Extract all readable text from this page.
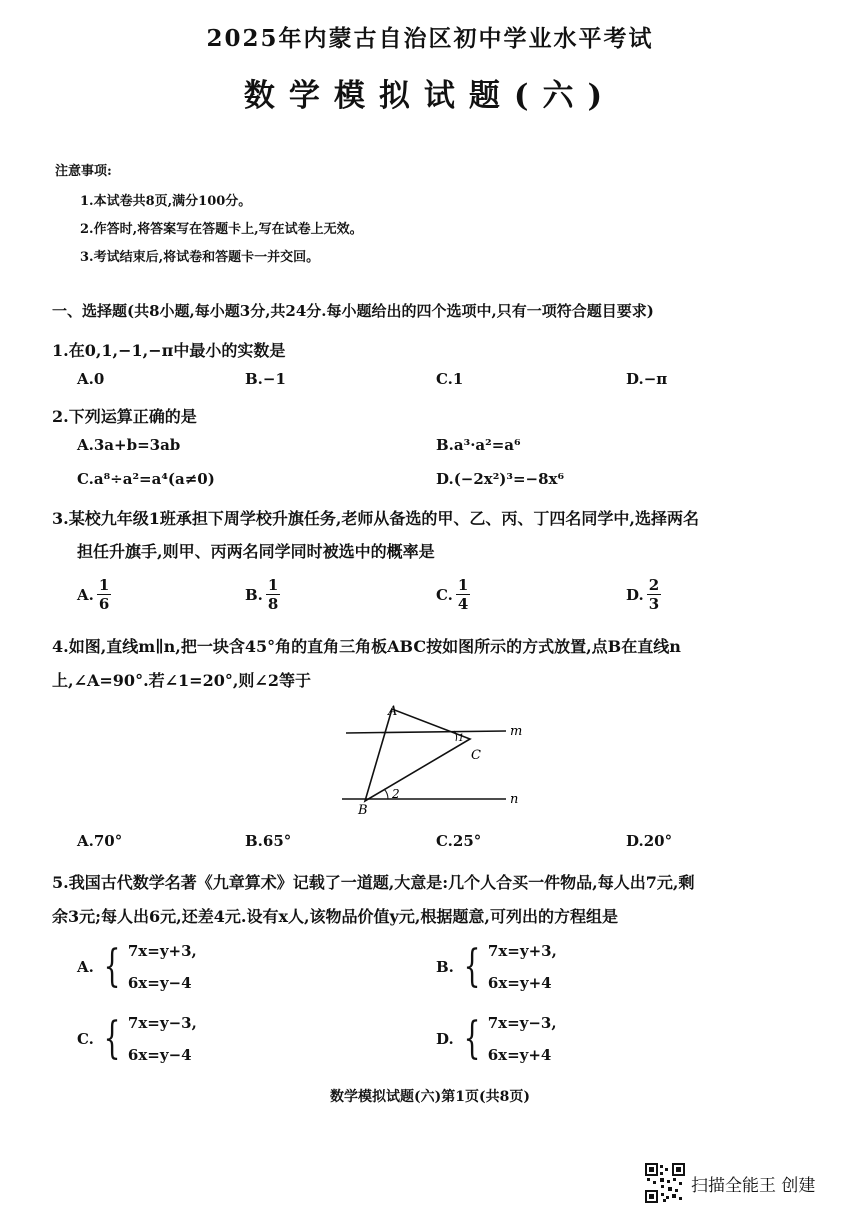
2025年内蒙古自治区初中学业水平考试
数学模拟试题(六)
注意事项:
1.本试卷共8页,满分100分。
2.作答时,将答案写在答题卡上,写在试卷上无效。
3.考试结束后,将试卷和答题卡一并交回。
一、选择题(共8小题,每小题3分,共24分.每小题给出的四个选项中,只有一项符合题目要求)
1.在0,1,−1,−π中最小的实数是
A.0	B.−1	C.1	D.−π
2.下列运算正确的是
A.3a+b=3ab	B.a³·a²=a⁶
C.a⁸÷a²=a⁴(a≠0)	D.(−2x²)³=−8x⁶
3.某校九年级1班承担下周学校升旗任务,老师从备选的甲、乙、丙、丁四名同学中,选择两名
担任升旗手,则甲、丙两名同学同时被选中的概率是
A. $\frac{1}{6}$	B. $\frac{1}{8}$	C. $\frac{1}{4}$	D. $\frac{2}{3}$
4.如图,直线m∥n,把一块含45°角的直角三角板ABC按如图所示的方式放置,点B在直线n
上,∠A=90°.若∠1=20°,则∠2等于
A
B
C
m
n
1
2
A.70°	B.65°	C.25°	D.20°
5.我国古代数学名著《九章算术》记载了一道题,大意是:几个人合买一件物品,每人出7元,剩
余3元;每人出6元,还差4元.设有x人,该物品价值y元,根据题意,可列出的方程组是
A. { 7x=y+3,
6x=y−4
B. { 7x=y+3,
6x=y+4
C. { 7x=y−3,
6x=y−4
D. { 7x=y−3,
6x=y+4
数学模拟试题(六)第1页(共8页)
扫描全能王 创建
